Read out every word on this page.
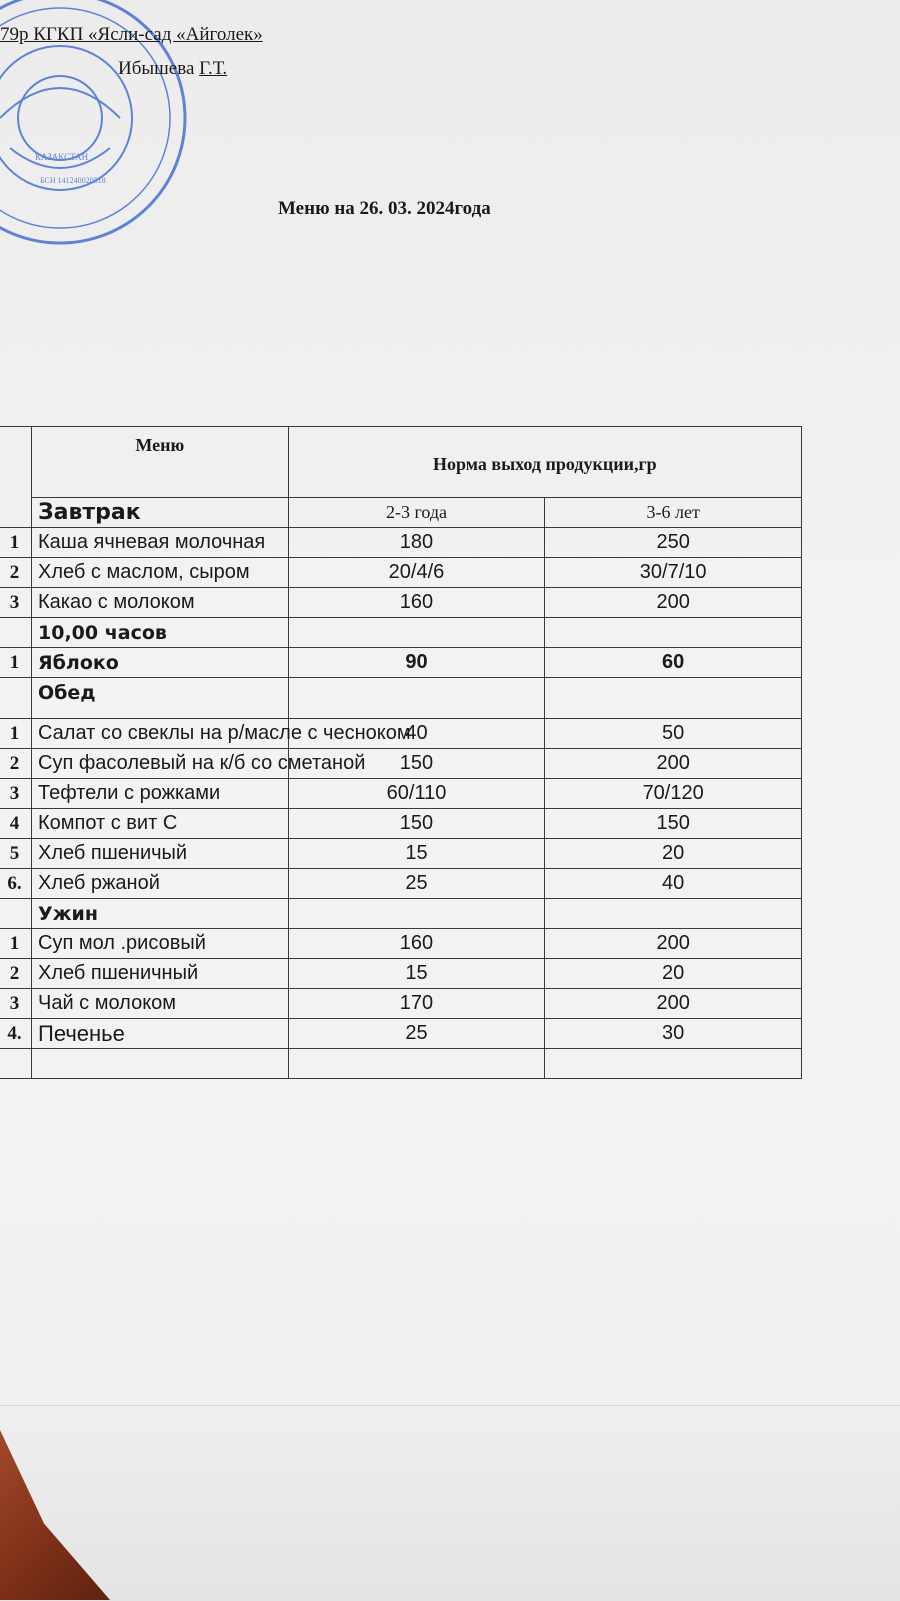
КАЗАКСТАН
БСН 141240020518
79р КГКП «Ясли-сад «Айголек»
Ибышева Г.Т.
Меню на 26. 03. 2024года
	Меню	Норма выход продукции,гр	
	Завтрак	2-3 года	3-6 лет
1	Каша ячневая молочная	180	250
2	Хлеб с маслом, сыром	20/4/6	30/7/10
3	Какао с молоком	160	200
	10,00 часов		
1	Яблоко	90	60
	Обед		
1	Салат со свеклы на р/масле с чесноком	40	50
2	Суп фасолевый на к/б со сметаной	150	200
3	Тефтели с рожками	60/110	70/120
4	Компот с вит С	150	150
5	Хлеб пшеничый	15	20
6.	Хлеб ржаной	25	40
	Ужин		
1	Суп мол .рисовый	160	200
2	Хлеб пшеничный	15	20
3	Чай с молоком	170	200
4.	Печенье	25	30
